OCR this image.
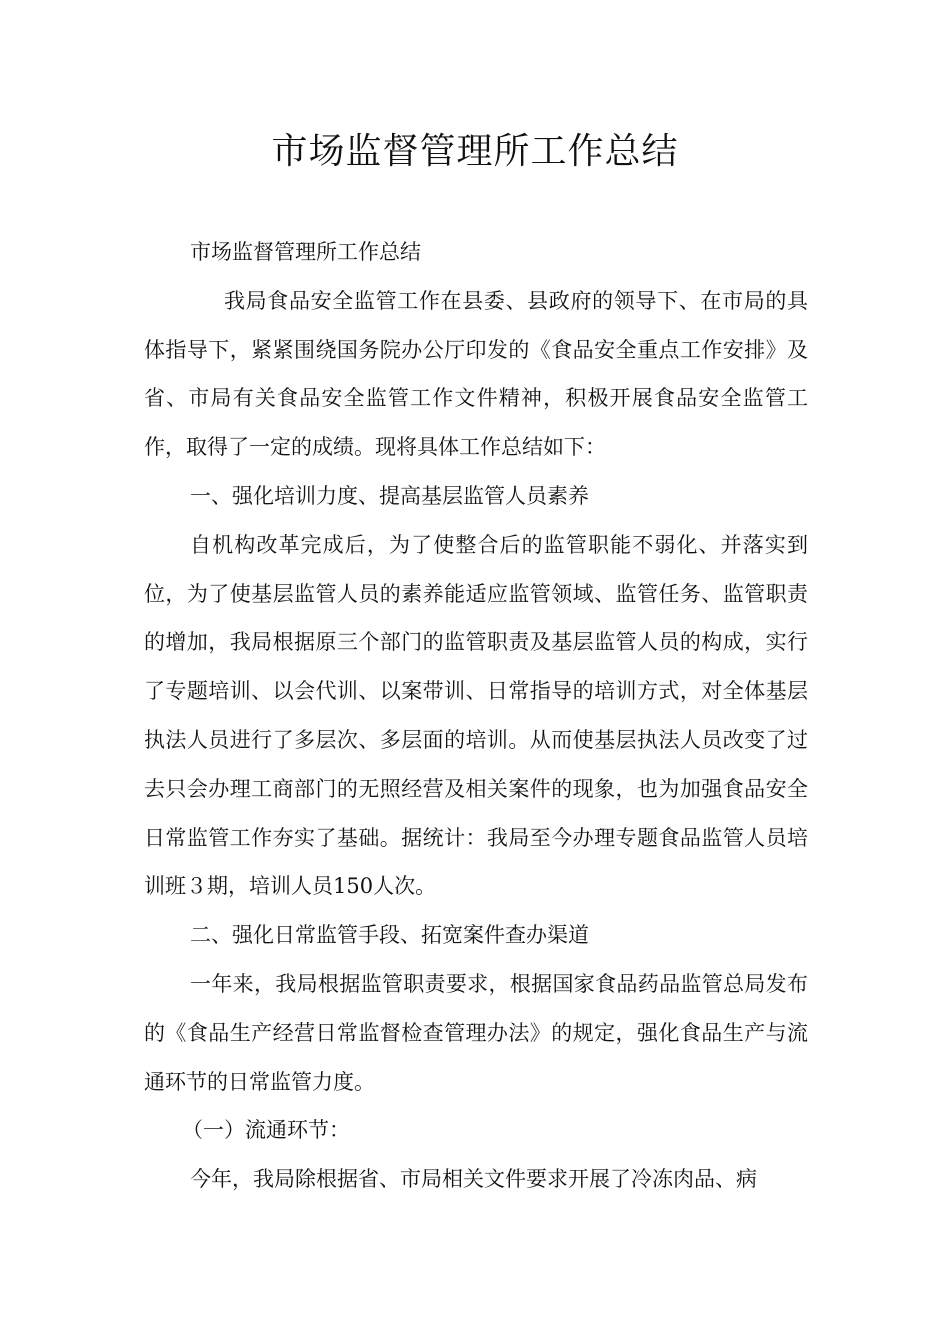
市场监督管理所工作总结

市场监督管理所工作总结

我局食品安全监管工作在县委、县政府的领导下、在市局的具体指导下，紧紧围绕国务院办公厅印发的《食品安全重点工作安排》及省、市局有关食品安全监管工作文件精神，积极开展食品安全监管工作，取得了一定的成绩。现将具体工作总结如下：

一、强化培训力度、提高基层监管人员素养

自机构改革完成后，为了使整合后的监管职能不弱化、并落实到位，为了使基层监管人员的素养能适应监管领域、监管任务、监管职责的增加，我局根据原三个部门的监管职责及基层监管人员的构成，实行了专题培训、以会代训、以案带训、日常指导的培训方式，对全体基层执法人员进行了多层次、多层面的培训。从而使基层执法人员改变了过去只会办理工商部门的无照经营及相关案件的现象，也为加强食品安全日常监管工作夯实了基础。据统计：我局至今办理专题食品监管人员培训班３期，培训人员150人次。

二、强化日常监管手段、拓宽案件查办渠道

一年来，我局根据监管职责要求，根据国家食品药品监管总局发布的《食品生产经营日常监督检查管理办法》的规定，强化食品生产与流通环节的日常监管力度。

（一）流通环节：

今年，我局除根据省、市局相关文件要求开展了冷冻肉品、病
